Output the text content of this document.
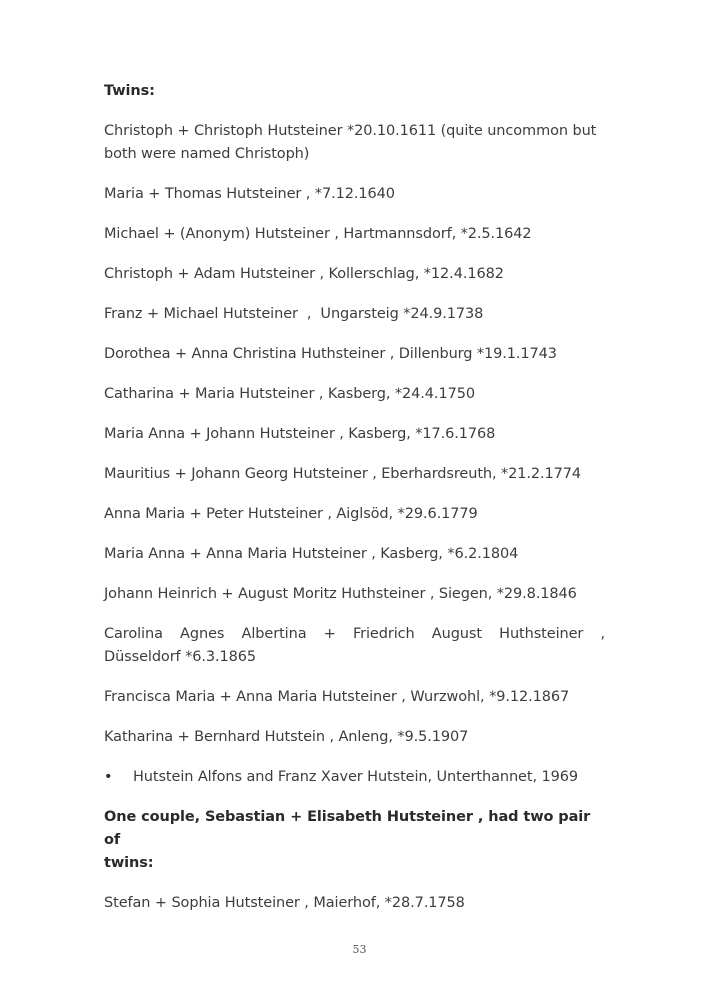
Twins:

Christoph + Christoph Hutsteiner *20.10.1611 (quite uncommon but
both were named Christoph)

Maria + Thomas Hutsteiner , *7.12.1640

Michael + (Anonym) Hutsteiner , Hartmannsdorf, *2.5.1642

Christoph + Adam Hutsteiner , Kollerschlag, *12.4.1682

Franz + Michael Hutsteiner  ,  Ungarsteig *24.9.1738

Dorothea + Anna Christina Huthsteiner , Dillenburg *19.1.1743

Catharina + Maria Hutsteiner , Kasberg, *24.4.1750

Maria Anna + Johann Hutsteiner , Kasberg, *17.6.1768

Mauritius + Johann Georg Hutsteiner , Eberhardsreuth, *21.2.1774

Anna Maria + Peter Hutsteiner , Aiglsöd, *29.6.1779

Maria Anna + Anna Maria Hutsteiner , Kasberg, *6.2.1804

Johann Heinrich + August Moritz Huthsteiner , Siegen, *29.8.1846

Carolina Agnes Albertina + Friedrich August Huthsteiner ,
Düsseldorf *6.3.1865

Francisca Maria + Anna Maria Hutsteiner , Wurzwohl, *9.12.1867

Katharina + Bernhard Hutstein , Anleng, *9.5.1907

• Hutstein Alfons and Franz Xaver Hutstein, Unterthannet, 1969

One couple, Sebastian + Elisabeth Hutsteiner , had two pair of
twins:

Stefan + Sophia Hutsteiner , Maierhof, *28.7.1758

53
